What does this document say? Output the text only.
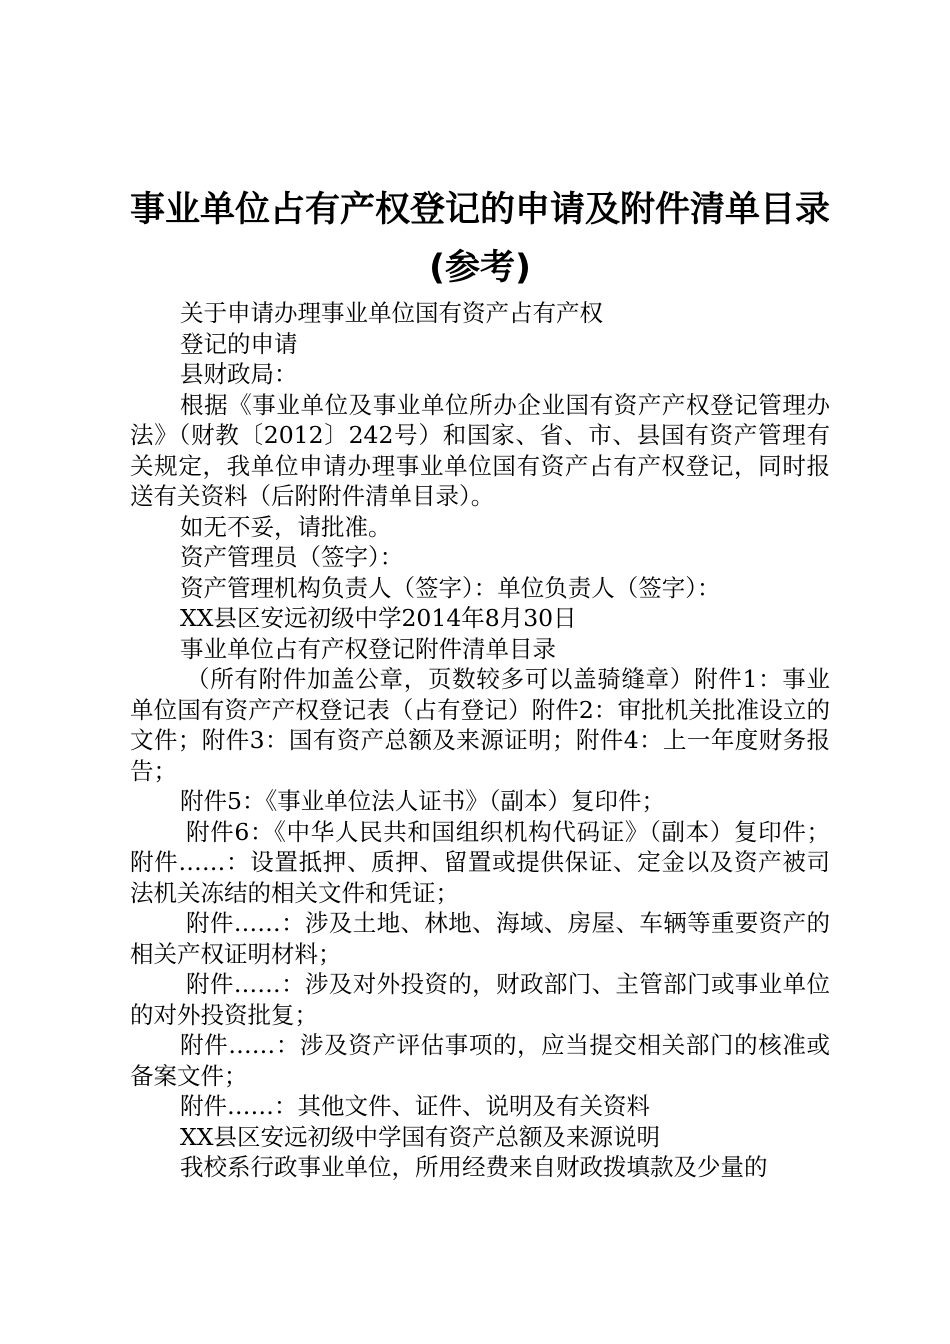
事业单位占有产权登记的申请及附件清单目录
(参考)

关于申请办理事业单位国有资产占有产权

登记的申请

县财政局：

根据《事业单位及事业单位所办企业国有资产产权登记管理办法》（财教〔2012〕242号）和国家、省、市、县国有资产管理有关规定，我单位申请办理事业单位国有资产占有产权登记，同时报送有关资料（后附附件清单目录）。

如无不妥，请批准。

资产管理员（签字）：

资产管理机构负责人（签字）：单位负责人（签字）：

XX县区安远初级中学2014年8月30日

事业单位占有产权登记附件清单目录

（所有附件加盖公章，页数较多可以盖骑缝章）附件1：事业单位国有资产产权登记表（占有登记）附件2：审批机关批准设立的文件；附件3：国有资产总额及来源证明；附件4：上一年度财务报告；

附件5：《事业单位法人证书》（副本）复印件；

附件6：《中华人民共和国组织机构代码证》（副本）复印件；附件……：设置抵押、质押、留置或提供保证、定金以及资产被司法机关冻结的相关文件和凭证；

附件……：涉及土地、林地、海域、房屋、车辆等重要资产的相关产权证明材料；

附件……：涉及对外投资的，财政部门、主管部门或事业单位的对外投资批复；

附件……：涉及资产评估事项的，应当提交相关部门的核准或备案文件；

附件……：其他文件、证件、说明及有关资料

XX县区安远初级中学国有资产总额及来源说明

我校系行政事业单位，所用经费来自财政拨填款及少量的
